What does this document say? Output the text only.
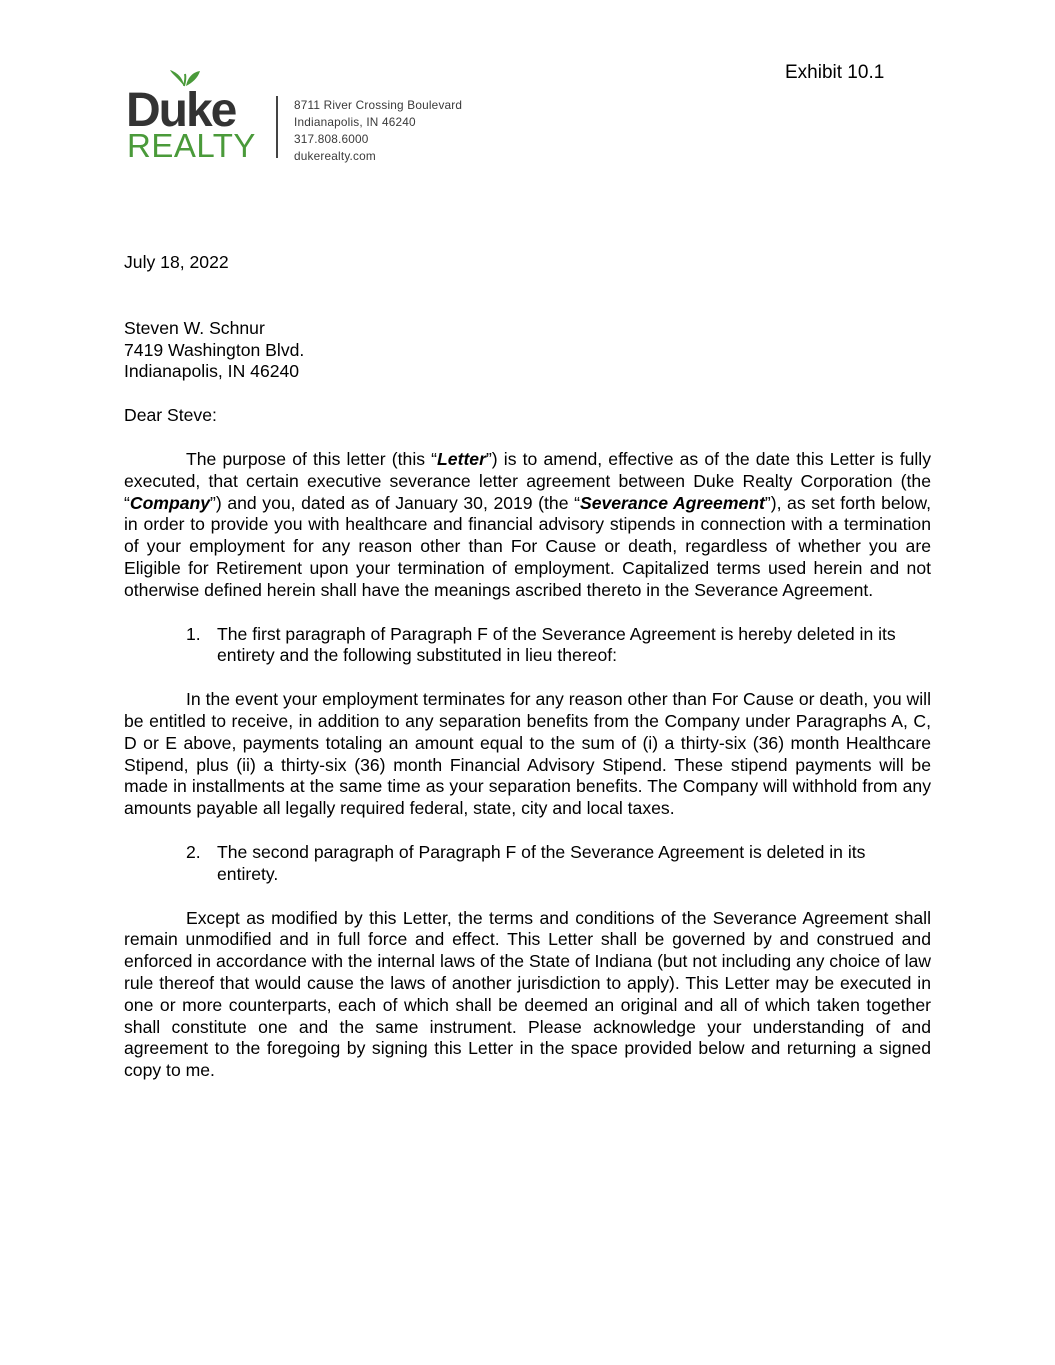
Exhibit 10.1
Duke
REALTY
8711 River Crossing Boulevard
Indianapolis, IN 46240
317.808.6000
dukerealty.com

July 18, 2022

Steven W. Schnur
7419 Washington Blvd.
Indianapolis, IN 46240

Dear Steve:

The purpose of this letter (this “Letter”) is to amend, effective as of the date this Letter is fully executed, that certain executive severance letter agreement between Duke Realty Corporation (the “Company”) and you, dated as of January 30, 2019 (the “Severance Agreement”), as set forth below, in order to provide you with healthcare and financial advisory stipends in connection with a termination of your employment for any reason other than For Cause or death, regardless of whether you are Eligible for Retirement upon your termination of employment. Capitalized terms used herein and not otherwise defined herein shall have the meanings ascribed thereto in the Severance Agreement.

1. The first paragraph of Paragraph F of the Severance Agreement is hereby deleted in its entirety and the following substituted in lieu thereof:

In the event your employment terminates for any reason other than For Cause or death, you will be entitled to receive, in addition to any separation benefits from the Company under Paragraphs A, C, D or E above, payments totaling an amount equal to the sum of (i) a thirty-six (36) month Healthcare Stipend, plus (ii) a thirty-six (36) month Financial Advisory Stipend. These stipend payments will be made in installments at the same time as your separation benefits. The Company will withhold from any amounts payable all legally required federal, state, city and local taxes.

2. The second paragraph of Paragraph F of the Severance Agreement is deleted in its entirety.

Except as modified by this Letter, the terms and conditions of the Severance Agreement shall remain unmodified and in full force and effect. This Letter shall be governed by and construed and enforced in accordance with the internal laws of the State of Indiana (but not including any choice of law rule thereof that would cause the laws of another jurisdiction to apply). This Letter may be executed in one or more counterparts, each of which shall be deemed an original and all of which taken together shall constitute one and the same instrument. Please acknowledge your understanding of and agreement to the foregoing by signing this Letter in the space provided below and returning a signed copy to me.
